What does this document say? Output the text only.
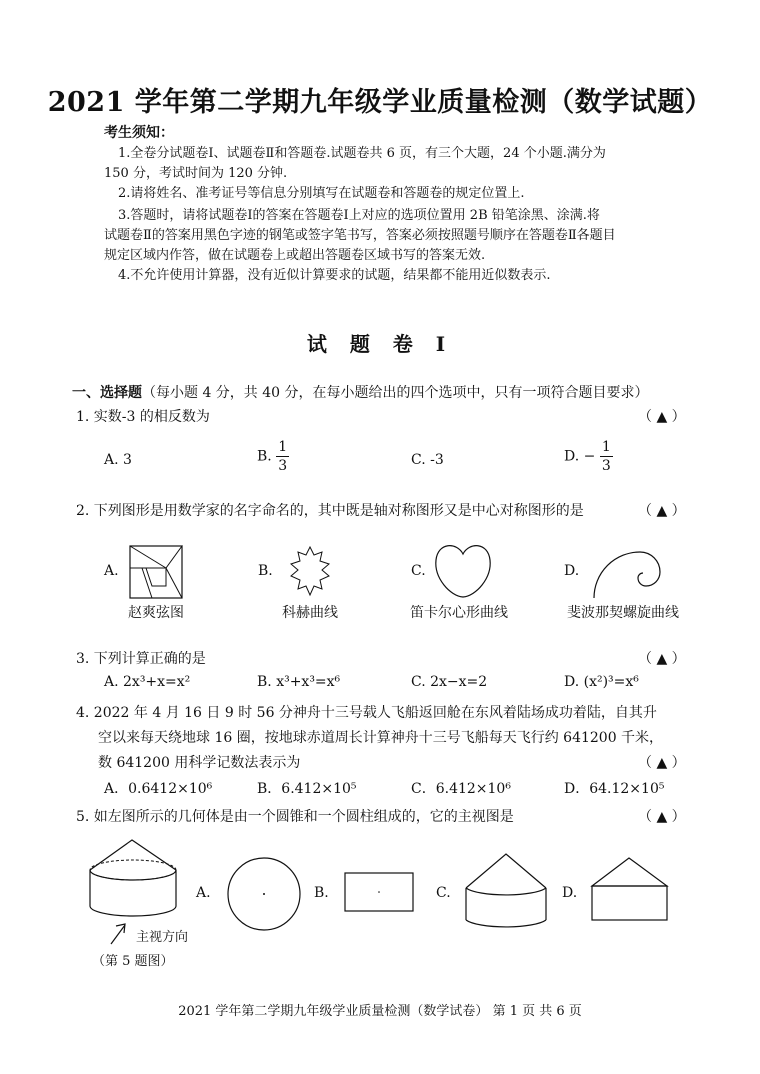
2021 学年第二学期九年级学业质量检测（数学试题）
考生须知：
1.全卷分试题卷Ⅰ、试题卷Ⅱ和答题卷.试题卷共 6 页，有三个大题，24 个小题.满分为
150 分，考试时间为 120 分钟.
2.请将姓名、准考证号等信息分别填写在试题卷和答题卷的规定位置上.
3.答题时，请将试题卷Ⅰ的答案在答题卷Ⅰ上对应的选项位置用 2B 铅笔涂黑、涂满.将
试题卷Ⅱ的答案用黑色字迹的钢笔或签字笔书写，答案必须按照题号顺序在答题卷Ⅱ各题目
规定区域内作答，做在试题卷上或超出答题卷区域书写的答案无效.
4.不允许使用计算器，没有近似计算要求的试题，结果都不能用近似数表示.
试 题 卷 Ⅰ
一、选择题（每小题 4 分，共 40 分，在每小题给出的四个选项中，只有一项符合题目要求）
1. 实数-3 的相反数为	（ ▲ ）
A. 3	B. $\frac{1}{3}$	C. -3	D. − $\frac{1}{3}$
2. 下列图形是用数学家的名字命名的，其中既是轴对称图形又是中心对称图形的是	（ ▲ ）
A.
赵爽弦图
B.
科赫曲线
C.
笛卡尔心形曲线
D.
斐波那契螺旋曲线
3. 下列计算正确的是	（ ▲ ）
A. 2x³+x=x²	B. x³+x³=x⁶	C. 2x−x=2	D. (x²)³=x⁶
4. 2022 年 4 月 16 日 9 时 56 分神舟十三号载人飞船返回舱在东风着陆场成功着陆，自其升
空以来每天绕地球 16 圈，按地球赤道周长计算神舟十三号飞船每天飞行约 641200 千米，
数 641200 用科学记数法表示为	（ ▲ ）
A．0.6412×10⁶	B．6.412×10⁵	C．6.412×10⁶	D．64.12×10⁵
5. 如左图所示的几何体是由一个圆锥和一个圆柱组成的，它的主视图是	（ ▲ ）
主视方向
（第 5 题图）
A.	B.	C.	D.
2021 学年第二学期九年级学业质量检测（数学试卷） 第 1 页 共 6 页
